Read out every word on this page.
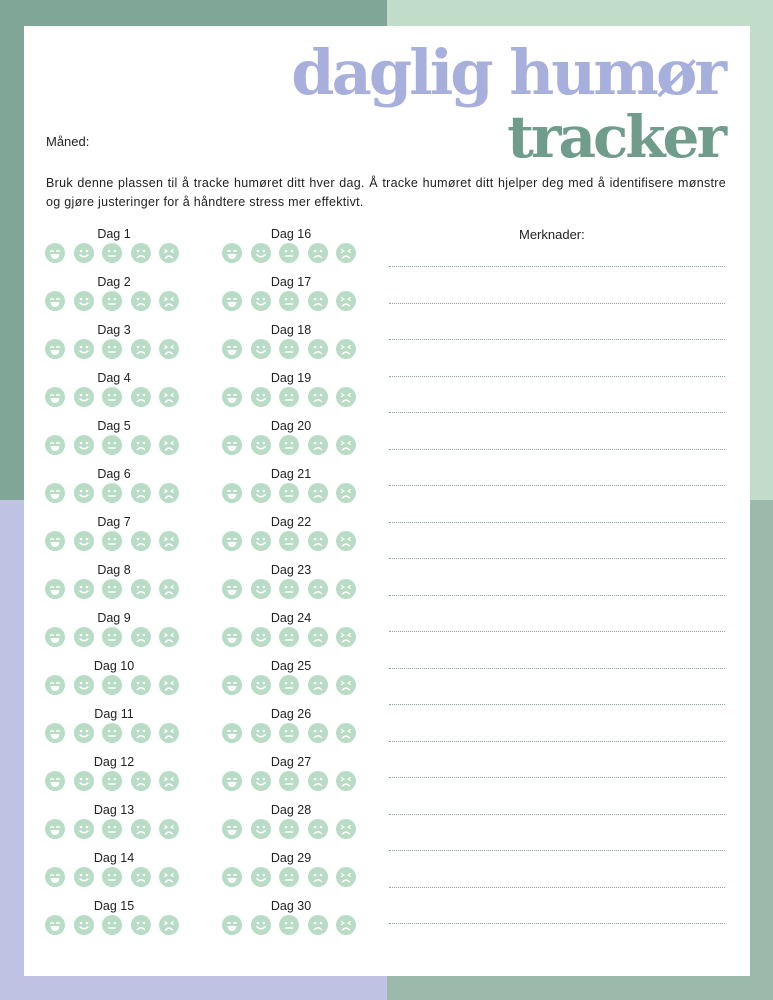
daglig humør
tracker
Måned:
Bruk denne plassen til å tracke humøret ditt hver dag. Å tracke humøret ditt hjelper deg med å identifisere mønstre og gjøre justeringer for å håndtere stress mer effektivt.
Dag 1
Dag 2
Dag 3
Dag 4
Dag 5
Dag 6
Dag 7
Dag 8
Dag 9
Dag 10
Dag 11
Dag 12
Dag 13
Dag 14
Dag 15
Dag 16
Dag 17
Dag 18
Dag 19
Dag 20
Dag 21
Dag 22
Dag 23
Dag 24
Dag 25
Dag 26
Dag 27
Dag 28
Dag 29
Dag 30
Merknader:
